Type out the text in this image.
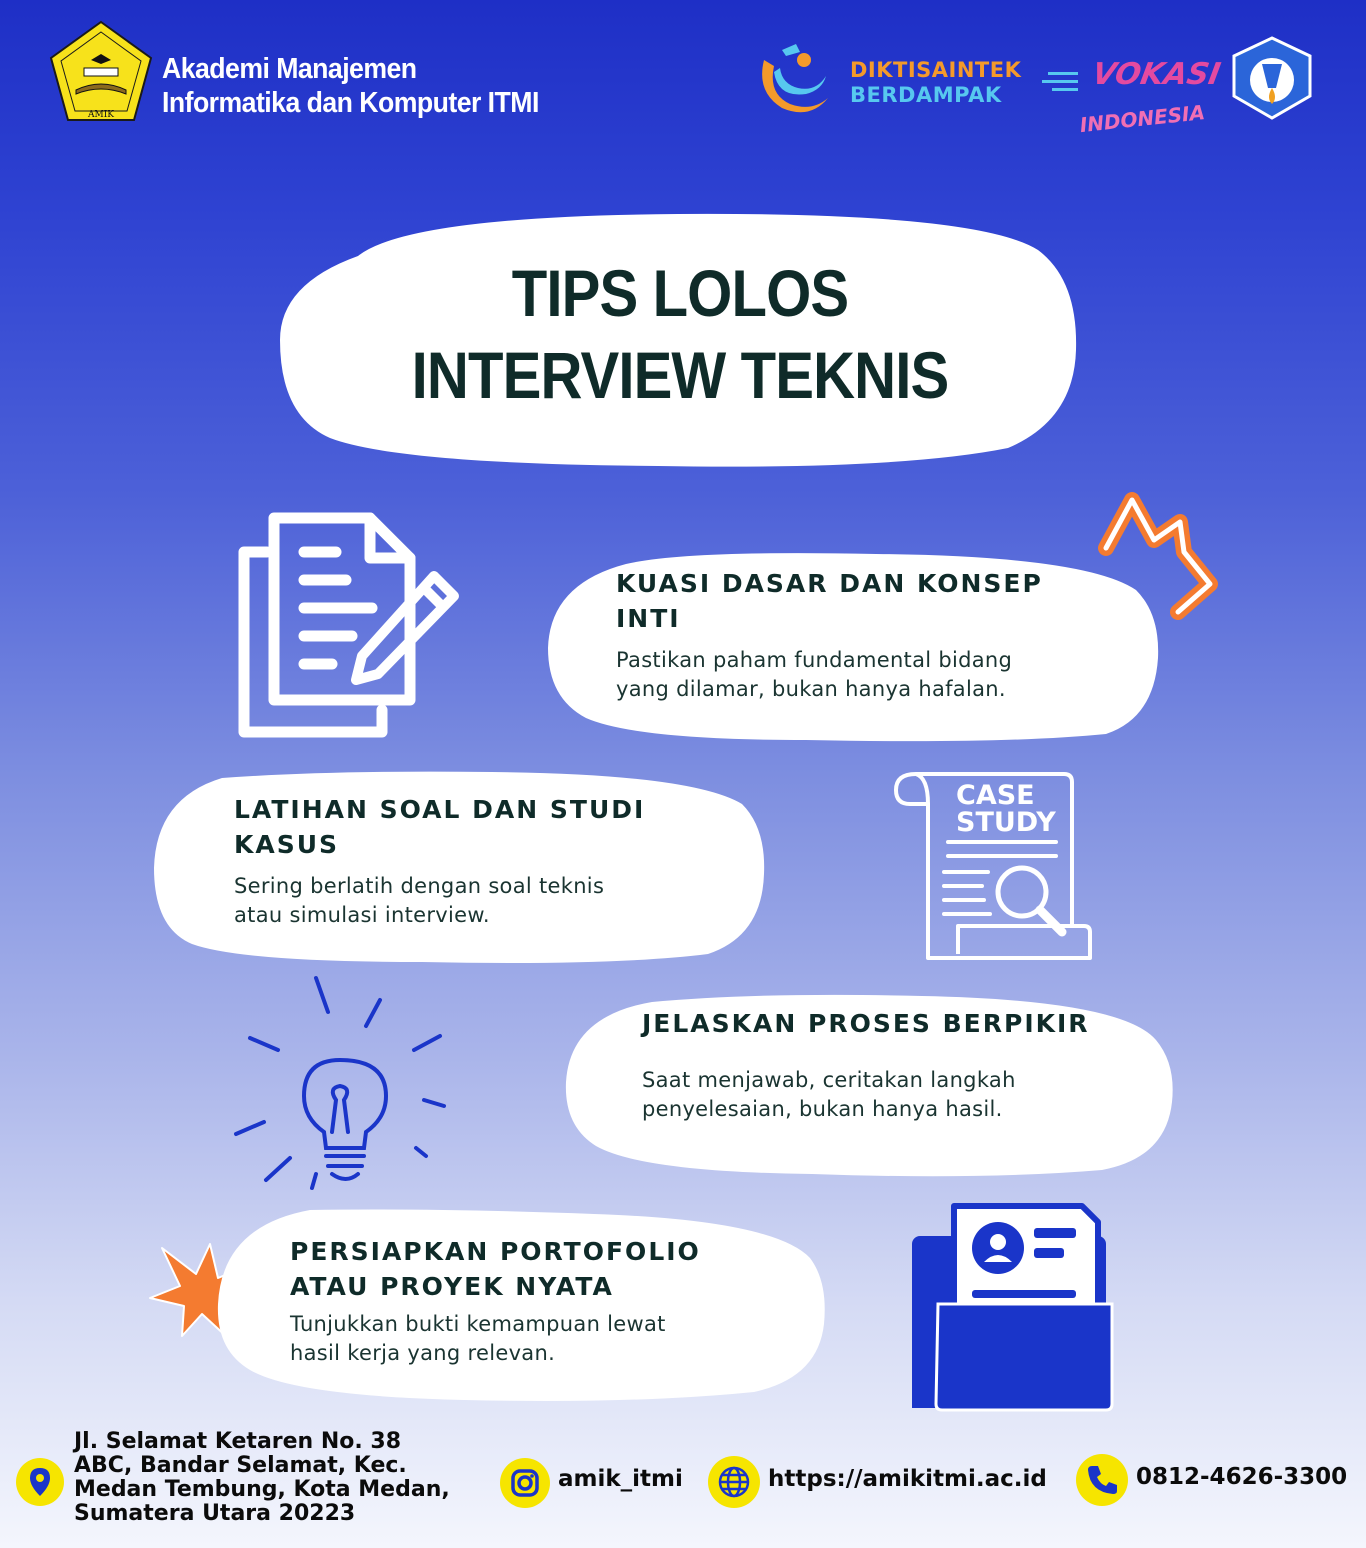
AMIK
Akademi Manajemen
Informatika dan Komputer ITMI
DIKTISAINTEK
BERDAMPAK
VOKASI
INDONESIA
TIPS LOLOS
INTERVIEW TEKNIS
KUASI DASAR DAN KONSEP
INTI
Pastikan paham fundamental bidang
yang dilamar, bukan hanya hafalan.
LATIHAN SOAL DAN STUDI
KASUS
Sering berlatih dengan soal teknis
atau simulasi interview.
CASE
STUDY
JELASKAN PROSES BERPIKIR
Saat menjawab, ceritakan langkah
penyelesaian, bukan hanya hasil.
PERSIAPKAN PORTOFOLIO
ATAU PROYEK NYATA
Tunjukkan bukti kemampuan lewat
hasil kerja yang relevan.
Jl. Selamat Ketaren No. 38
ABC, Bandar Selamat, Kec.
Medan Tembung, Kota Medan,
Sumatera Utara 20223
amik_itmi	https://amikitmi.ac.id	0812-4626-3300
